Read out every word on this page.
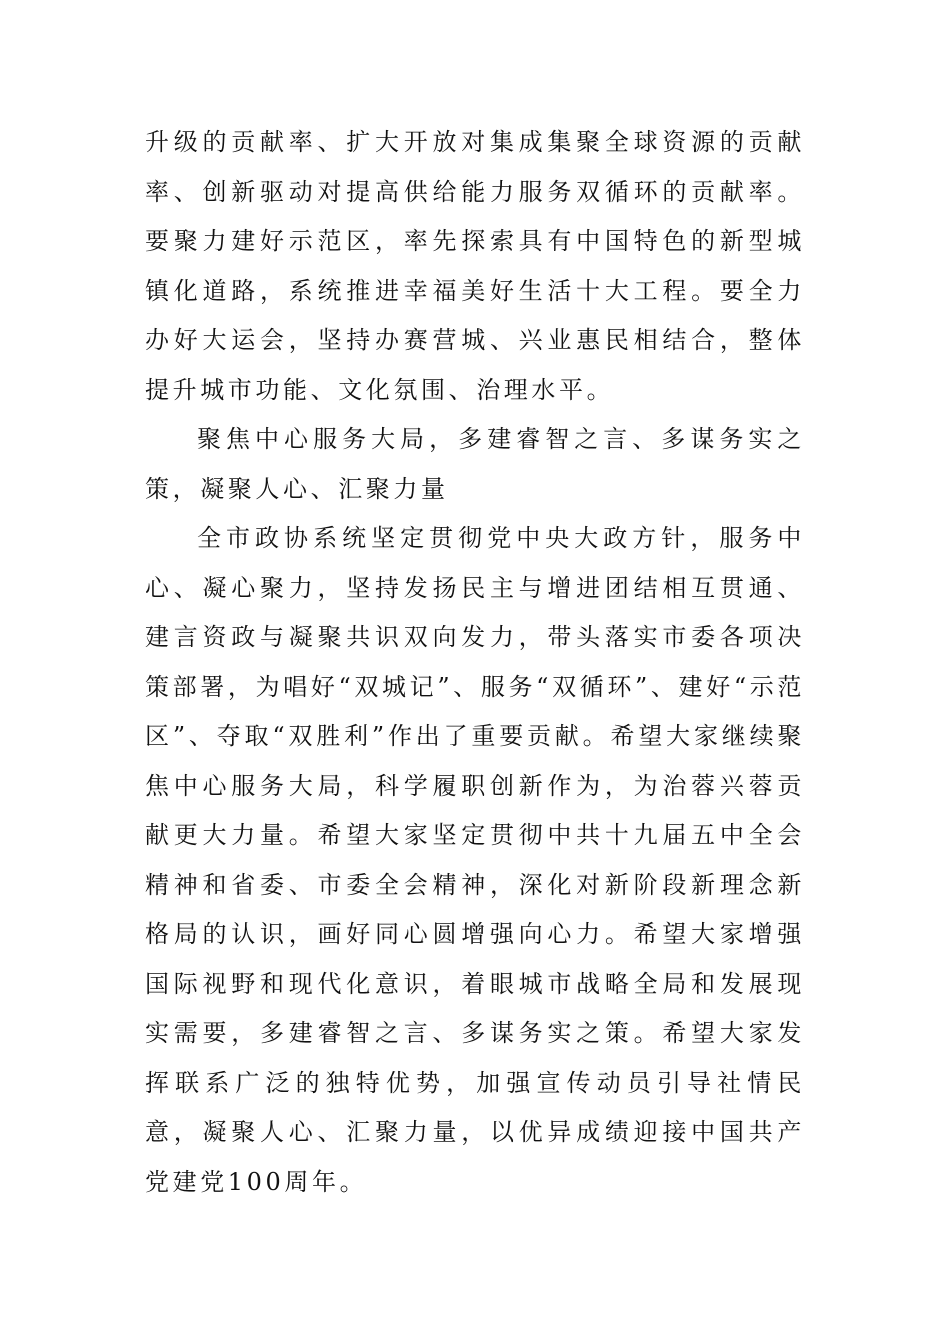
升级的贡献率、扩大开放对集成集聚全球资源的贡献率、创新驱动对提高供给能力服务双循环的贡献率。要聚力建好示范区，率先探索具有中国特色的新型城镇化道路，系统推进幸福美好生活十大工程。要全力办好大运会，坚持办赛营城、兴业惠民相结合，整体提升城市功能、文化氛围、治理水平。

聚焦中心服务大局，多建睿智之言、多谋务实之策，凝聚人心、汇聚力量

全市政协系统坚定贯彻党中央大政方针，服务中心、凝心聚力，坚持发扬民主与增进团结相互贯通、建言资政与凝聚共识双向发力，带头落实市委各项决策部署，为唱好“双城记”、服务“双循环”、建好“示范区”、夺取“双胜利”作出了重要贡献。希望大家继续聚焦中心服务大局，科学履职创新作为，为治蓉兴蓉贡献更大力量。希望大家坚定贯彻中共十九届五中全会精神和省委、市委全会精神，深化对新阶段新理念新格局的认识，画好同心圆增强向心力。希望大家增强国际视野和现代化意识，着眼城市战略全局和发展现实需要，多建睿智之言、多谋务实之策。希望大家发挥联系广泛的独特优势，加强宣传动员引导社情民意，凝聚人心、汇聚力量，以优异成绩迎接中国共产党建党100周年。
